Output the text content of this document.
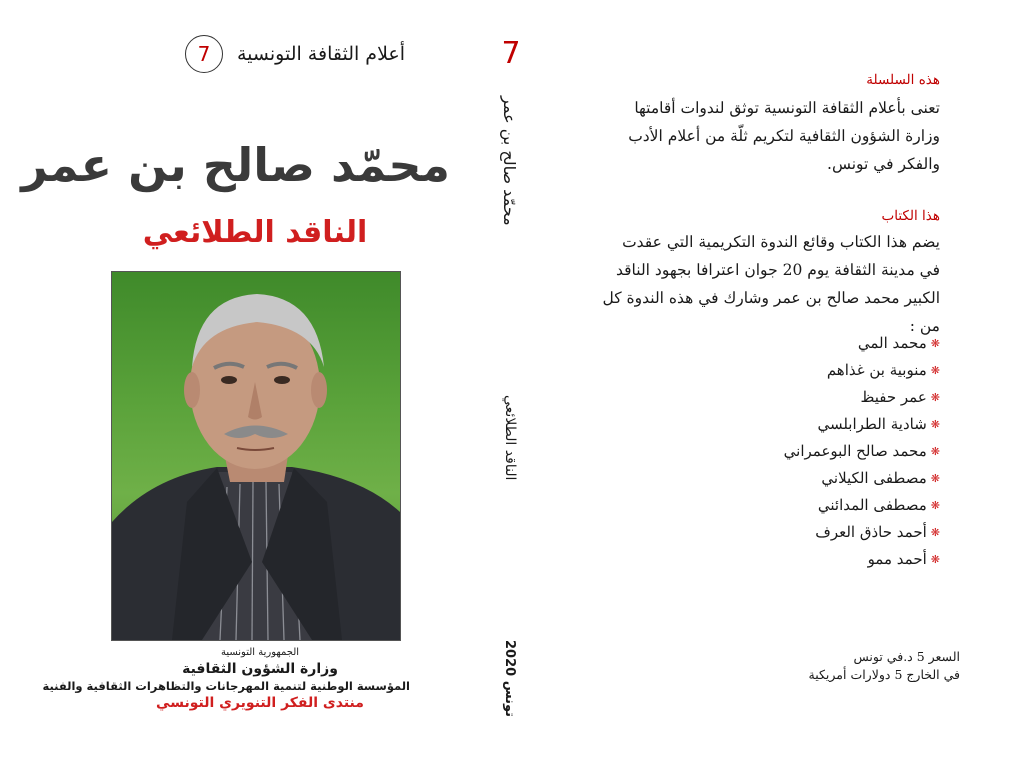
أعلام الثقافة التونسية
7
محمّد صالح بن عمر
الناقد الطلائعي
الجمهورية التونسية
وزارة الشؤون الثقافية
المؤسسة الوطنية لتنمية المهرجانات والتظاهرات الثقافية والفنية
منتدى الفكر التنويري التونسي
7
محمّد صالح بن عمر
الناقد الطلائعي
تونس 2020
هذه السلسلة
تعنى بأعلام الثقافة التونسية توثق لندوات أقامتها وزارة الشؤون الثقافية لتكريم ثلّة من أعلام الأدب والفكر في تونس.
هذا الكتاب
يضم هذا الكتاب وقائع الندوة التكريمية التي عقدت في مدينة الثقافة يوم 20 جوان اعترافا بجهود الناقد الكبير محمد صالح بن عمر وشارك في هذه الندوة كل من :
❋
محمد المي
❋
منوبية بن غذاهم
❋
عمر حفيظ
❋
شادية الطرابلسي
❋
محمد صالح البوعمراني
❋
مصطفى الكيلاني
❋
مصطفى المدائني
❋
أحمد حاذق العرف
❋
أحمد ممو
السعر 5 د.في تونس
في الخارج 5 دولارات أمريكية
